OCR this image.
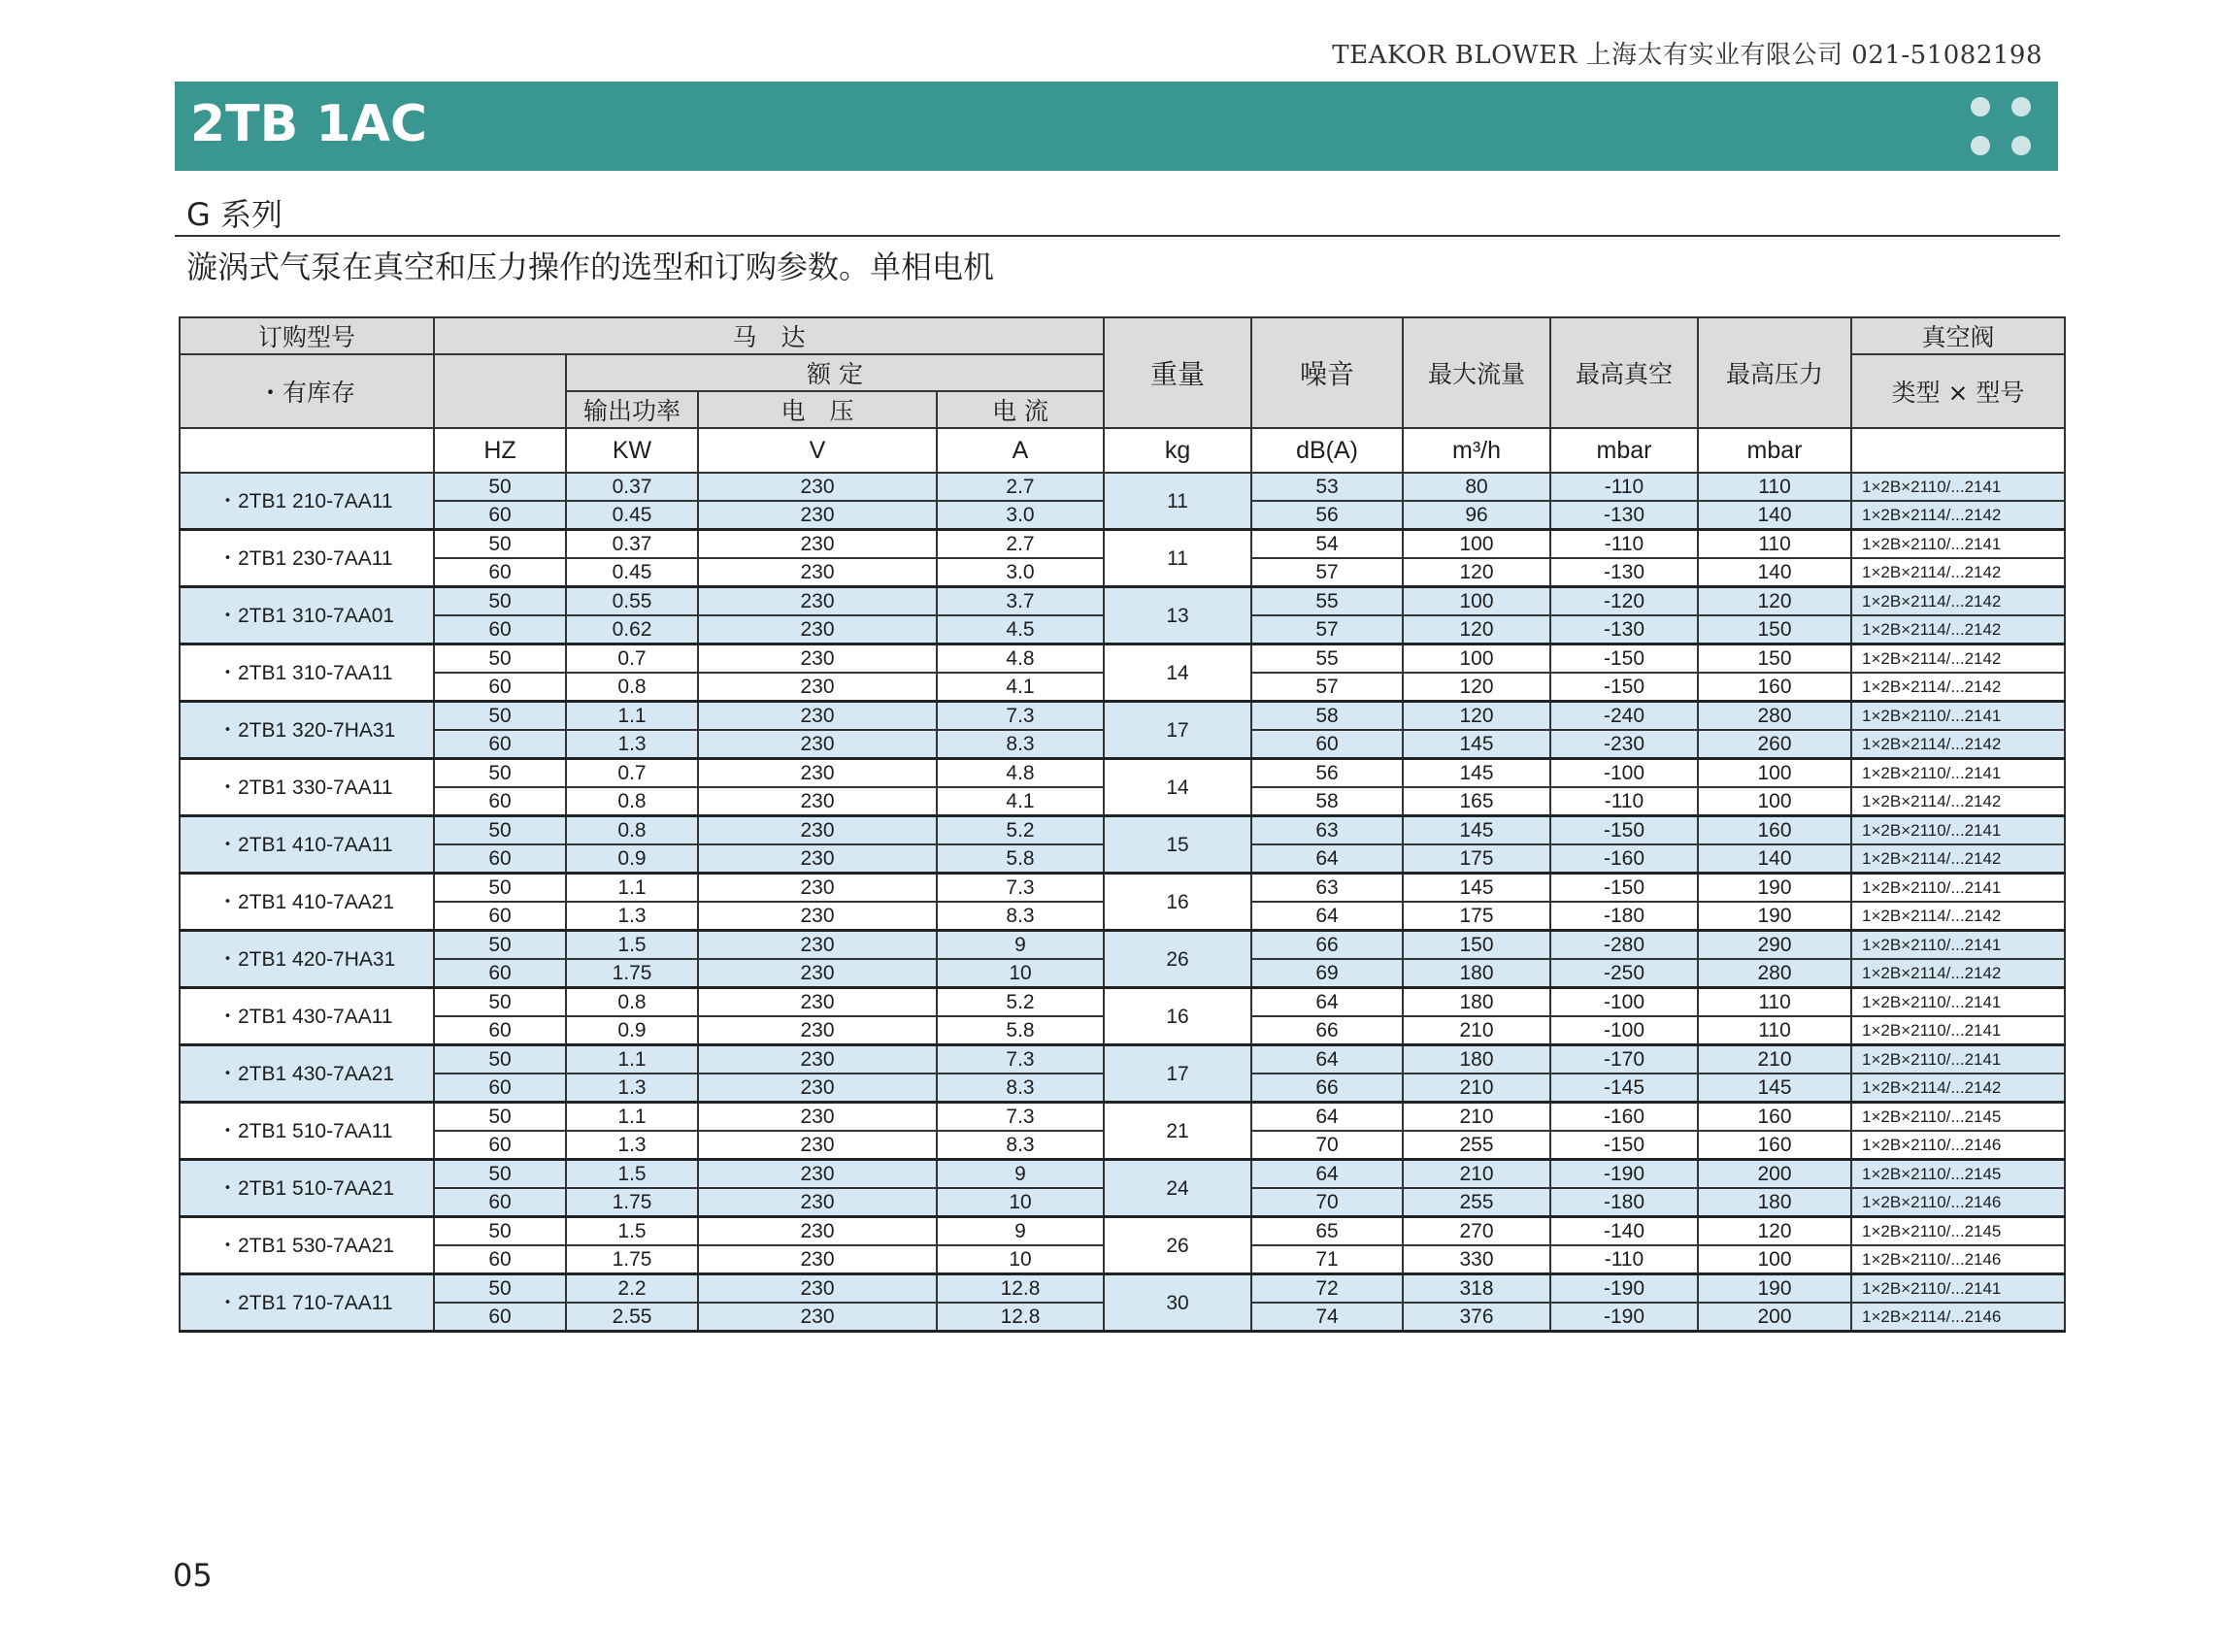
TEAKOR BLOWER 上海太有实业有限公司 021-51082198
2TB 1AC
G 系列
漩涡式气泵在真空和压力操作的选型和订购参数。单相电机
订购型号	马　达				重量	噪音	最大流量	最高真空	最高压力	真空阀
・有库存		额 定								类型 × 型号
		输出功率	电　压	电 流						
	HZ	KW	V	A	kg	dB(A)	m³/h	mbar	mbar	
・2TB1 210-7AA11	50	0.37	230	2.7	11	53	80	-110	110	1×2B×2110/...2141
	60	0.45	230	3.0		56	96	-130	140	1×2B×2114/...2142
・2TB1 230-7AA11	50	0.37	230	2.7	11	54	100	-110	110	1×2B×2110/...2141
	60	0.45	230	3.0		57	120	-130	140	1×2B×2114/...2142
・2TB1 310-7AA01	50	0.55	230	3.7	13	55	100	-120	120	1×2B×2114/...2142
	60	0.62	230	4.5		57	120	-130	150	1×2B×2114/...2142
・2TB1 310-7AA11	50	0.7	230	4.8	14	55	100	-150	150	1×2B×2114/...2142
	60	0.8	230	4.1		57	120	-150	160	1×2B×2114/...2142
・2TB1 320-7HA31	50	1.1	230	7.3	17	58	120	-240	280	1×2B×2110/...2141
	60	1.3	230	8.3		60	145	-230	260	1×2B×2114/...2142
・2TB1 330-7AA11	50	0.7	230	4.8	14	56	145	-100	100	1×2B×2110/...2141
	60	0.8	230	4.1		58	165	-110	100	1×2B×2114/...2142
・2TB1 410-7AA11	50	0.8	230	5.2	15	63	145	-150	160	1×2B×2110/...2141
	60	0.9	230	5.8		64	175	-160	140	1×2B×2114/...2142
・2TB1 410-7AA21	50	1.1	230	7.3	16	63	145	-150	190	1×2B×2110/...2141
	60	1.3	230	8.3		64	175	-180	190	1×2B×2114/...2142
・2TB1 420-7HA31	50	1.5	230	9	26	66	150	-280	290	1×2B×2110/...2141
	60	1.75	230	10		69	180	-250	280	1×2B×2114/...2142
・2TB1 430-7AA11	50	0.8	230	5.2	16	64	180	-100	110	1×2B×2110/...2141
	60	0.9	230	5.8		66	210	-100	110	1×2B×2110/...2141
・2TB1 430-7AA21	50	1.1	230	7.3	17	64	180	-170	210	1×2B×2110/...2141
	60	1.3	230	8.3		66	210	-145	145	1×2B×2114/...2142
・2TB1 510-7AA11	50	1.1	230	7.3	21	64	210	-160	160	1×2B×2110/...2145
	60	1.3	230	8.3		70	255	-150	160	1×2B×2110/...2146
・2TB1 510-7AA21	50	1.5	230	9	24	64	210	-190	200	1×2B×2110/...2145
	60	1.75	230	10		70	255	-180	180	1×2B×2110/...2146
・2TB1 530-7AA21	50	1.5	230	9	26	65	270	-140	120	1×2B×2110/...2145
	60	1.75	230	10		71	330	-110	100	1×2B×2110/...2146
・2TB1 710-7AA11	50	2.2	230	12.8	30	72	318	-190	190	1×2B×2110/...2141
	60	2.55	230	12.8		74	376	-190	200	1×2B×2114/...2146
05
